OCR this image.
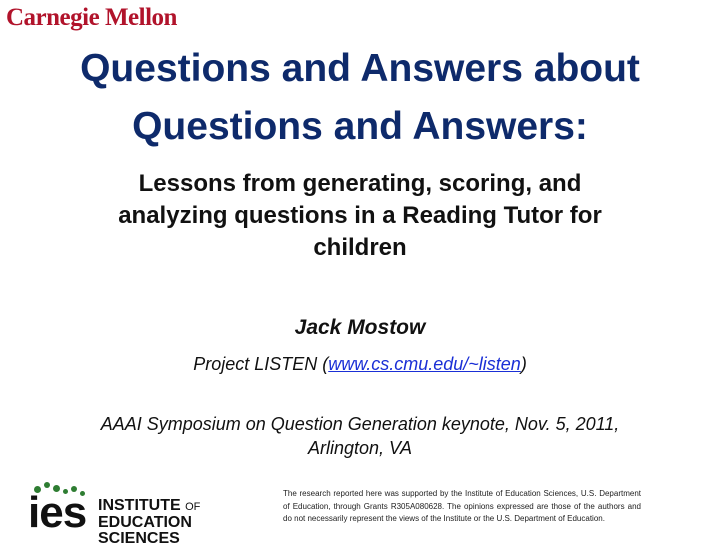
Carnegie Mellon
Questions and Answers about
Questions and Answers:
Lessons from generating, scoring, and
analyzing questions in a Reading Tutor for
children
Jack Mostow
Project LISTEN (www.cs.cmu.edu/~listen)
AAAI Symposium on Question Generation keynote, Nov. 5, 2011,
Arlington, VA
ies INSTITUTE OF
EDUCATION SCIENCES
The research reported here was supported by the Institute of Education Sciences, U.S. Department of Education, through Grants R305A080628. The opinions expressed are those of the authors and do not necessarily represent the views of the Institute or the U.S. Department of Education.
